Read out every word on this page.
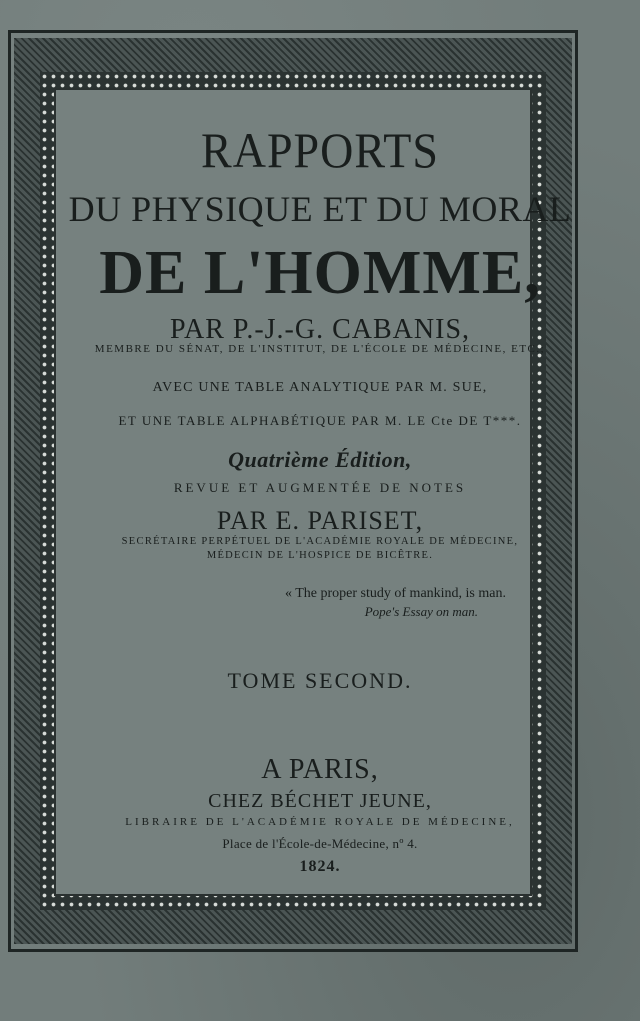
RAPPORTS
DU PHYSIQUE ET DU MORAL
DE L'HOMME,
PAR P.-J.-G. CABANIS,
MEMBRE DU SÉNAT, DE L'INSTITUT, DE L'ÉCOLE DE MÉDECINE, ETC.;
AVEC UNE TABLE ANALYTIQUE PAR M. SUE,
ET UNE TABLE ALPHABÉTIQUE PAR M. LE Cte DE T***.
Quatrième Édition,
REVUE ET AUGMENTÉE DE NOTES
PAR E. PARISET,
SECRÉTAIRE PERPÉTUEL DE L'ACADÉMIE ROYALE DE MÉDECINE,
MÉDECIN DE L'HOSPICE DE BICÊTRE.
« The proper study of mankind, is man.
Pope's Essay on man.
TOME SECOND.
A PARIS,
CHEZ BÉCHET JEUNE,
LIBRAIRE DE L'ACADÉMIE ROYALE DE MÉDECINE,
Place de l'École-de-Médecine, nº 4.
1824.
